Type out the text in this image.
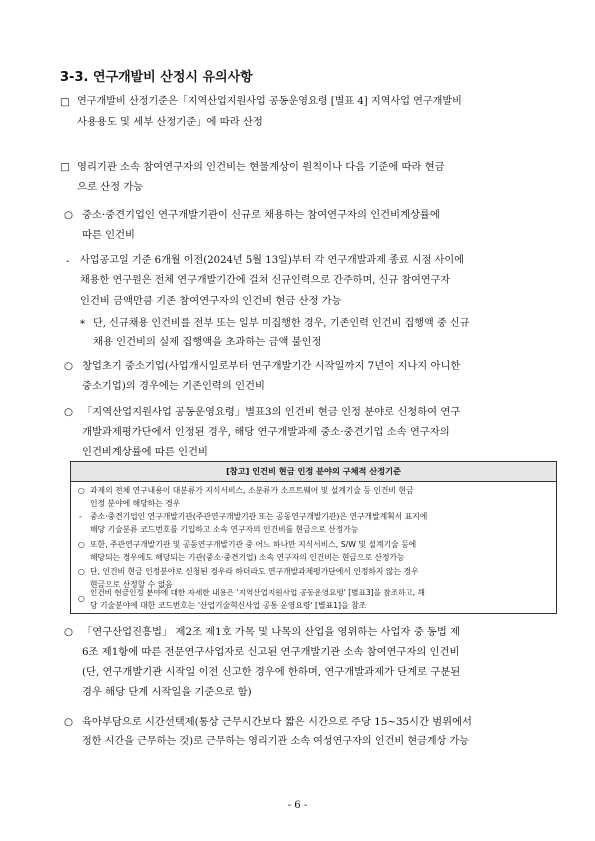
3-3. 연구개발비 산정시 유의사항
□ 연구개발비 산정기준은「지역산업지원사업 공동운영요령 [별표 4] 지역사업 연구개발비
사용용도 및 세부 산정기준」에 따라 산정
□ 영리기관 소속 참여연구자의 인건비는 현물계상이 원칙이나 다음 기준에 따라 현금
으로 산정 가능
○ 중소·중견기업인 연구개발기관이 신규로 채용하는 참여연구자의 인건비계상률에
따른 인건비
- 사업공고일 기준 6개월 이전(2024년 5월 13일)부터 각 연구개발과제 종료 시점 사이에
채용한 연구원은 전체 연구개발기간에 걸쳐 신규인력으로 간주하며, 신규 참여연구자
인건비 금액만큼 기존 참여연구자의 인건비 현금 산정 가능
* 단, 신규채용 인건비를 전부 또는 일부 미집행한 경우, 기존인력 인건비 집행액 중 신규
채용 인건비의 실제 집행액을 초과하는 금액 불인정
○ 창업초기 중소기업(사업개시일로부터 연구개발기간 시작일까지 7년이 지나지 아니한
중소기업)의 경우에는 기존인력의 인건비
○ 「지역산업지원사업 공동운영요령」별표3의 인건비 현금 인정 분야로 신청하여 연구
개발과제평가단에서 인정된 경우, 해당 연구개발과제 중소·중견기업 소속 연구자의
인건비계상률에 따른 인건비
[참고] 인건비 현금 인정 분야의 구체적 산정기준
○ 과제의 전체 연구내용이 대분류가 지식서비스, 소분류가 소프트웨어 및 설계기술 등 인건비 현금
인정 분야에 해당하는 경우
- 중소·중견기업인 연구개발기관(주관연구개발기관 또는 공동연구개발기관)은 연구개발계획서 표지에
해당 기술분류 코드번호를 기입하고 소속 연구자의 인건비를 현금으로 산정가능
○ 또한, 주관연구개발기관 및 공동연구개발기관 중 어느 하나만 지식서비스, S/W 및 설계기술 등에
해당되는 경우에도 해당되는 기관(중소·중견기업) 소속 연구자의 인건비는 현금으로 산정가능
○ 단, 인건비 현금 인정분야로 신청된 경우라 하더라도 연구개발과제평가단에서 인정하지 않는 경우
현금으로 산정할 수 없음
○
인건비 현금인정 분야에 대한 자세한 내용은 '지역산업지원사업 공동운영요령' [별표3]을 참조하고, 해
당 기술분야에 대한 코드번호는 '산업기술혁신사업 공통 운영요령' [별표1]을 참조
○ 「연구산업진흥법」 제2조 제1호 가목 및 나목의 산업을 영위하는 사업자 중 동법 제
6조 제1항에 따른 전문연구사업자로 신고된 연구개발기관 소속 참여연구자의 인건비
(단, 연구개발기관 시작일 이전 신고한 경우에 한하며, 연구개발과제가 단계로 구분된
경우 해당 단계 시작일을 기준으로 함)
○ 육아부담으로 시간선택제(통상 근무시간보다 짧은 시간으로 주당 15~35시간 범위에서
정한 시간을 근무하는 것)로 근무하는 영리기관 소속 여성연구자의 인건비 현금계상 가능
- 6 -
